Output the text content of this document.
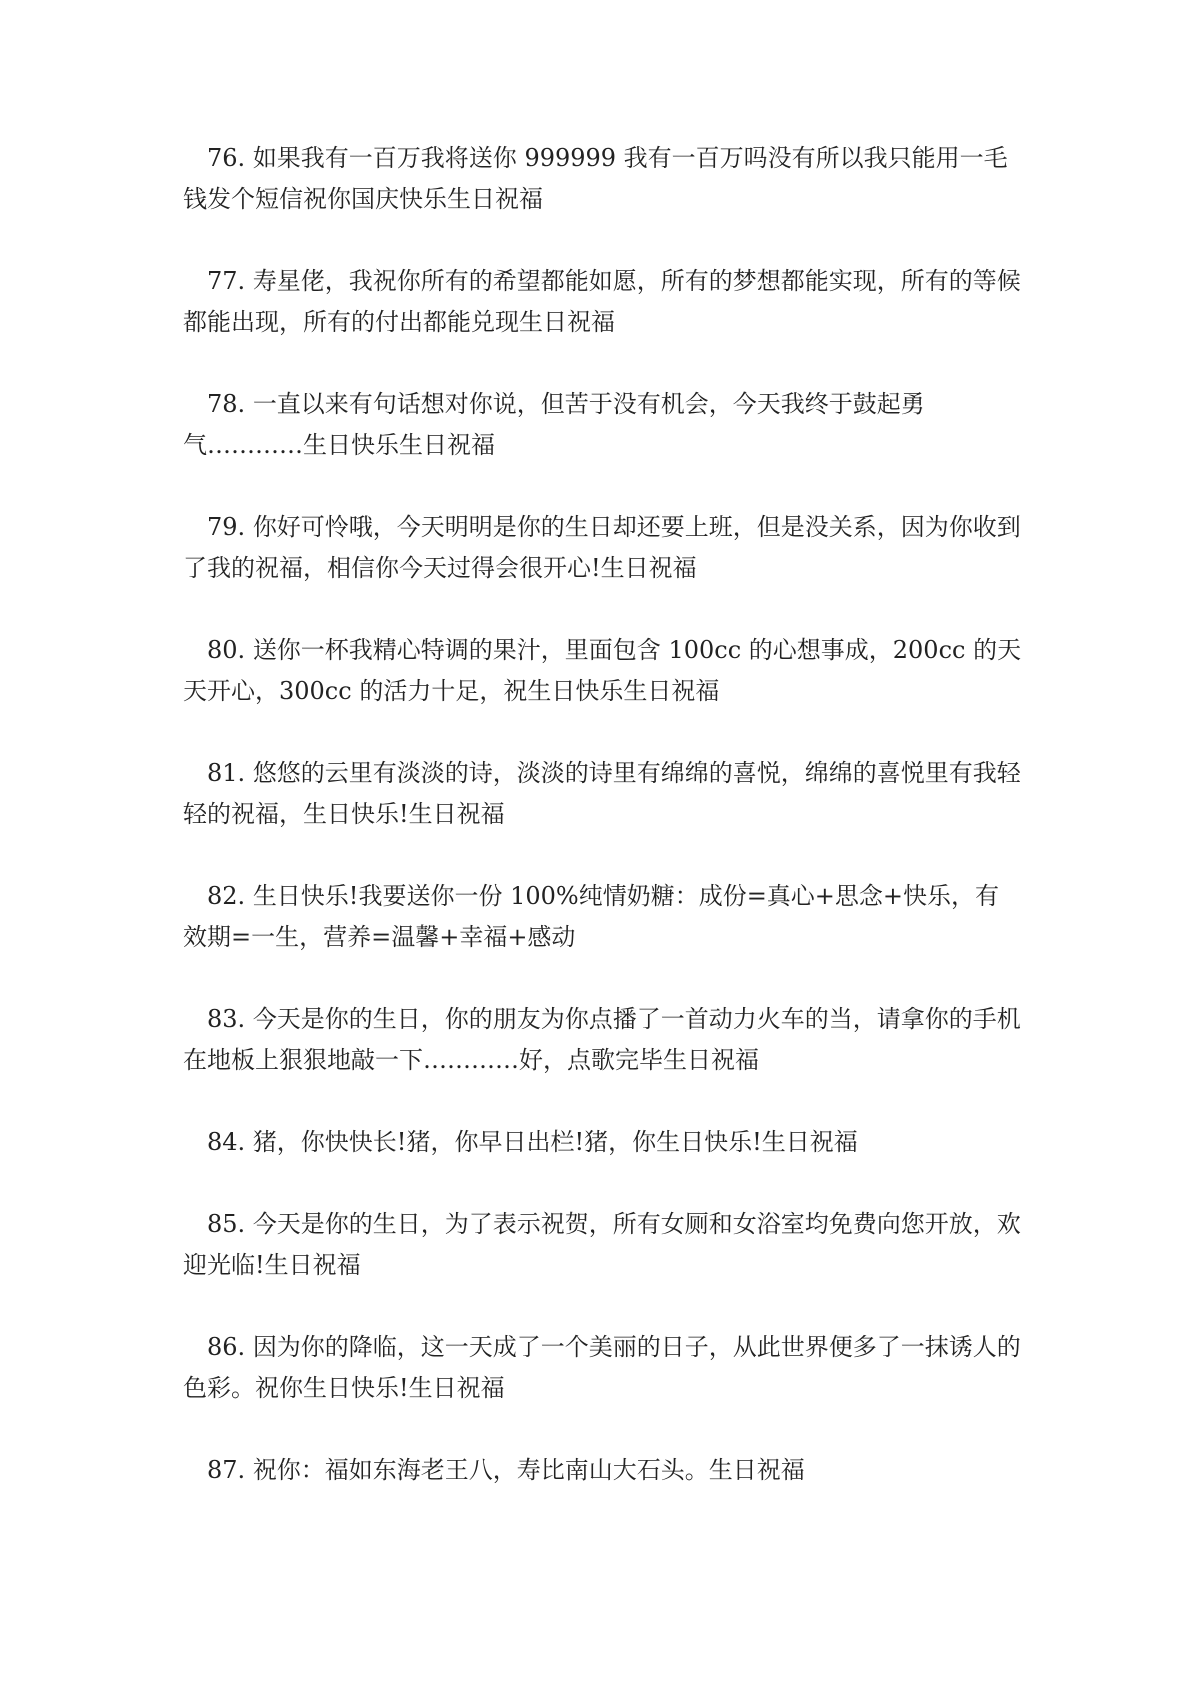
76. 如果我有一百万我将送你 999999 我有一百万吗没有所以我只能用一毛钱发个短信祝你国庆快乐生日祝福

77. 寿星佬，我祝你所有的希望都能如愿，所有的梦想都能实现，所有的等候都能出现，所有的付出都能兑现生日祝福

78. 一直以来有句话想对你说，但苦于没有机会，今天我终于鼓起勇气…………生日快乐生日祝福

79. 你好可怜哦，今天明明是你的生日却还要上班，但是没关系，因为你收到了我的祝福，相信你今天过得会很开心!生日祝福

80. 送你一杯我精心特调的果汁，里面包含 100cc 的心想事成，200cc 的天天开心，300cc 的活力十足，祝生日快乐生日祝福

81. 悠悠的云里有淡淡的诗，淡淡的诗里有绵绵的喜悦，绵绵的喜悦里有我轻轻的祝福，生日快乐!生日祝福

82. 生日快乐!我要送你一份 100%纯情奶糖：成份=真心+思念+快乐，有效期=一生，营养=温馨+幸福+感动

83. 今天是你的生日，你的朋友为你点播了一首动力火车的当，请拿你的手机在地板上狠狠地敲一下…………好，点歌完毕生日祝福

84. 猪，你快快长!猪，你早日出栏!猪，你生日快乐!生日祝福

85. 今天是你的生日，为了表示祝贺，所有女厕和女浴室均免费向您开放，欢迎光临!生日祝福

86. 因为你的降临，这一天成了一个美丽的日子，从此世界便多了一抹诱人的色彩。祝你生日快乐!生日祝福

87. 祝你：福如东海老王八，寿比南山大石头。生日祝福
